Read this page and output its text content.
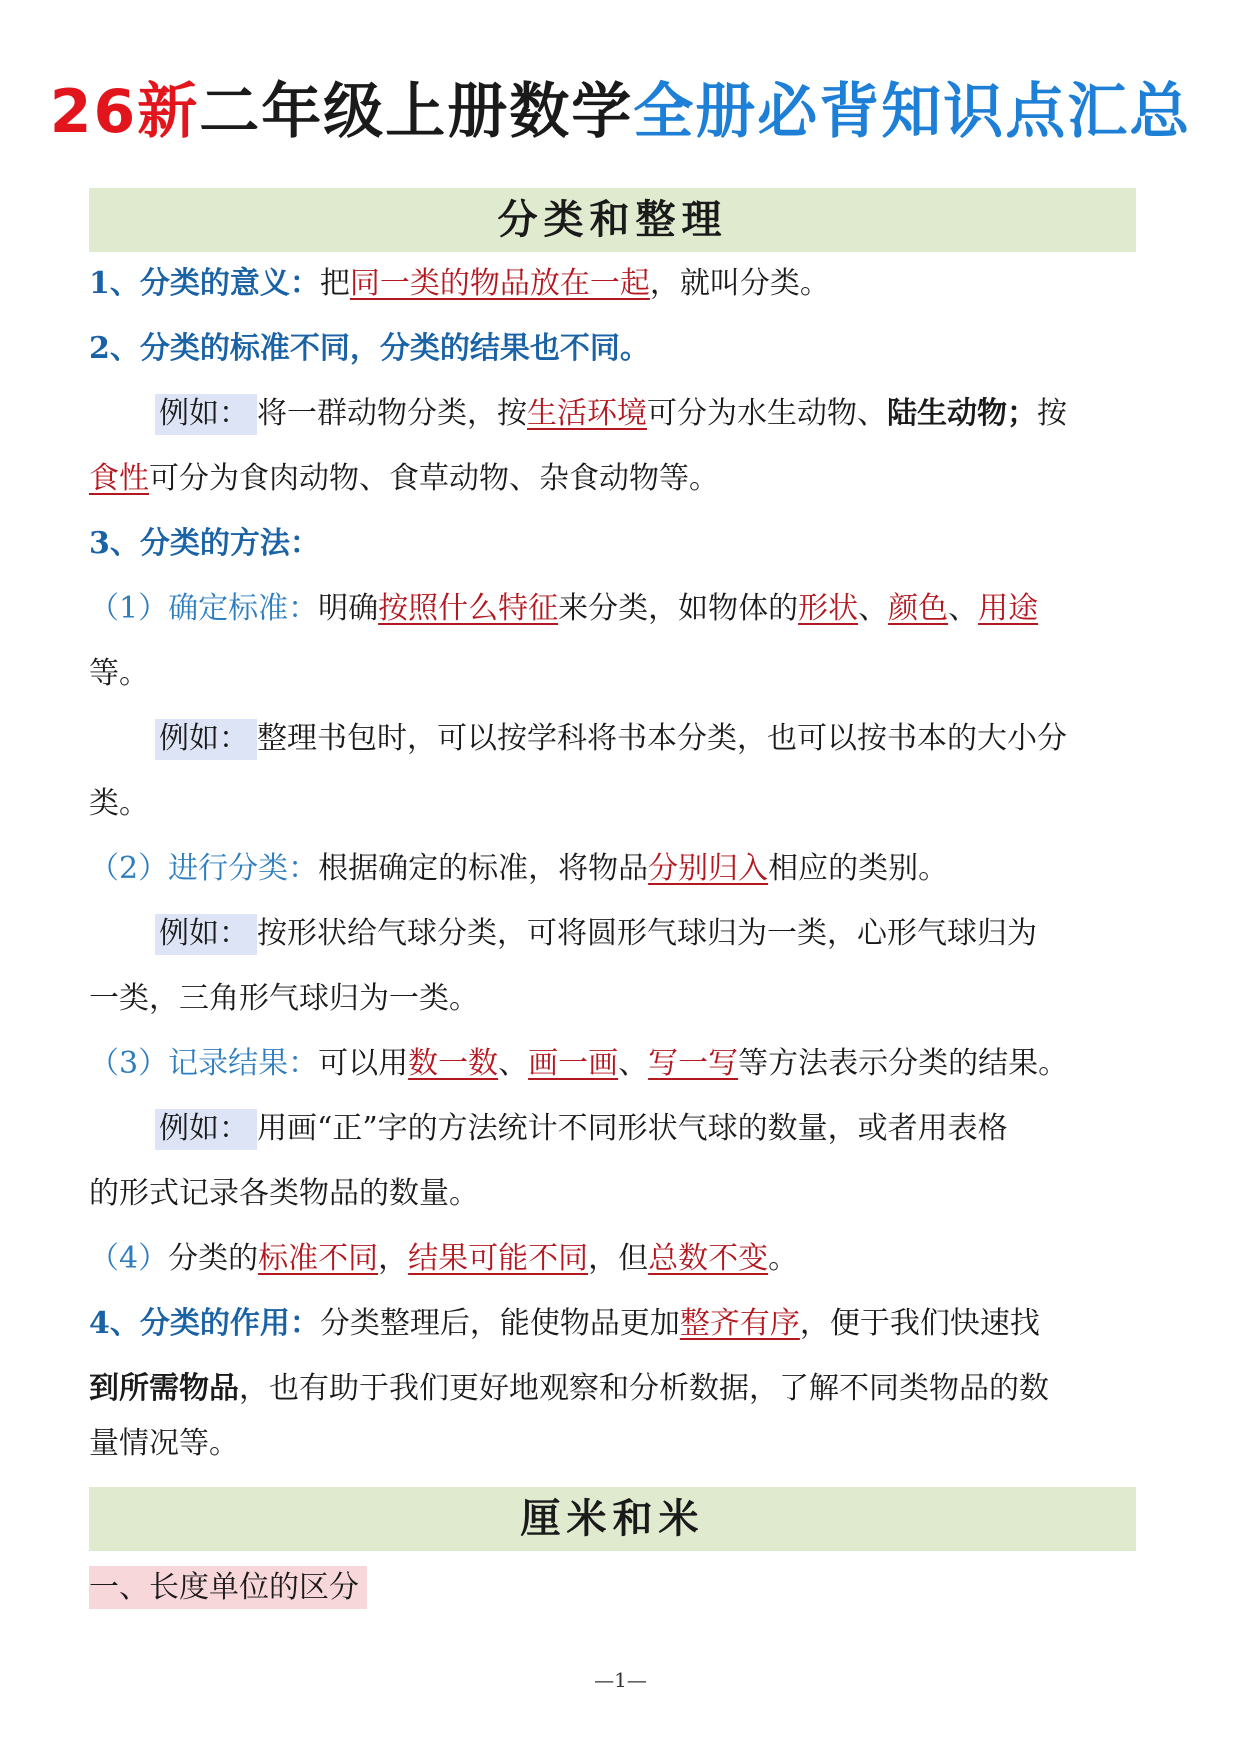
26新二年级上册数学全册必背知识点汇总
分类和整理
1、分类的意义：把同一类的物品放在一起，就叫分类。
2、分类的标准不同，分类的结果也不同。
例如： 将一群动物分类，按生活环境可分为水生动物、陆生动物；按
食性可分为食肉动物、食草动物、杂食动物等。
3、分类的方法：
（1）确定标准：明确按照什么特征来分类，如物体的形状、颜色、用途
等。
例如： 整理书包时，可以按学科将书本分类，也可以按书本的大小分
类。
（2）进行分类：根据确定的标准，将物品分别归入相应的类别。
例如： 按形状给气球分类，可将圆形气球归为一类，心形气球归为
一类，三角形气球归为一类。
（3）记录结果：可以用数一数、画一画、写一写等方法表示分类的结果。
例如： 用画“正”字的方法统计不同形状气球的数量，或者用表格
的形式记录各类物品的数量。
（4）分类的标准不同，结果可能不同，但总数不变。
4、分类的作用：分类整理后，能使物品更加整齐有序，便于我们快速找
到所需物品，也有助于我们更好地观察和分析数据，了解不同类物品的数
量情况等。
厘米和米
一、长度单位的区分
—1—
